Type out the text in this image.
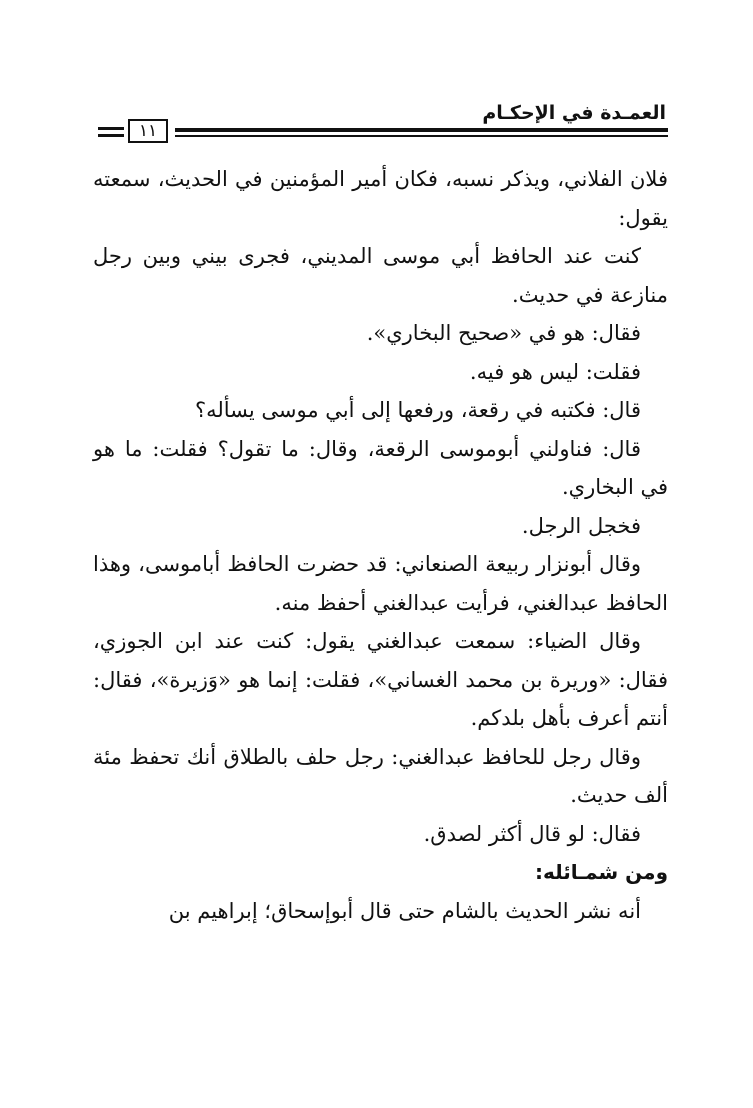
العمـدة في الإحكـام
١١

فلان الفلاني، ويذكر نسبه، فكان أمير المؤمنين في الحديث، سمعته يقول:

كنت عند الحافظ أبي موسى المديني، فجرى بيني وبين رجل منازعة في حديث.

فقال: هو في «صحيح البخاري».

فقلت: ليس هو فيه.

قال: فكتبه في رقعة، ورفعها إلى أبي موسى يسأله؟

قال: فناولني أبوموسى الرقعة، وقال: ما تقول؟ فقلت: ما هو في البخاري.

فخجل الرجل.

وقال أبونزار ربيعة الصنعاني: قد حضرت الحافظ أباموسى، وهذا الحافظ عبدالغني، فرأيت عبدالغني أحفظ منه.

وقال الضياء: سمعت عبدالغني يقول: كنت عند ابن الجوزي، فقال: «وريرة بن محمد الغساني»، فقلت: إنما هو «وَزيرة»، فقال: أنتم أعرف بأهل بلدكم.

وقال رجل للحافظ عبدالغني: رجل حلف بالطلاق أنك تحفظ مئة ألف حديث.

فقال: لو قال أكثر لصدق.

ومن شمـائله:

أنه نشر الحديث بالشام حتى قال أبوإسحاق؛ إبراهيم بن
